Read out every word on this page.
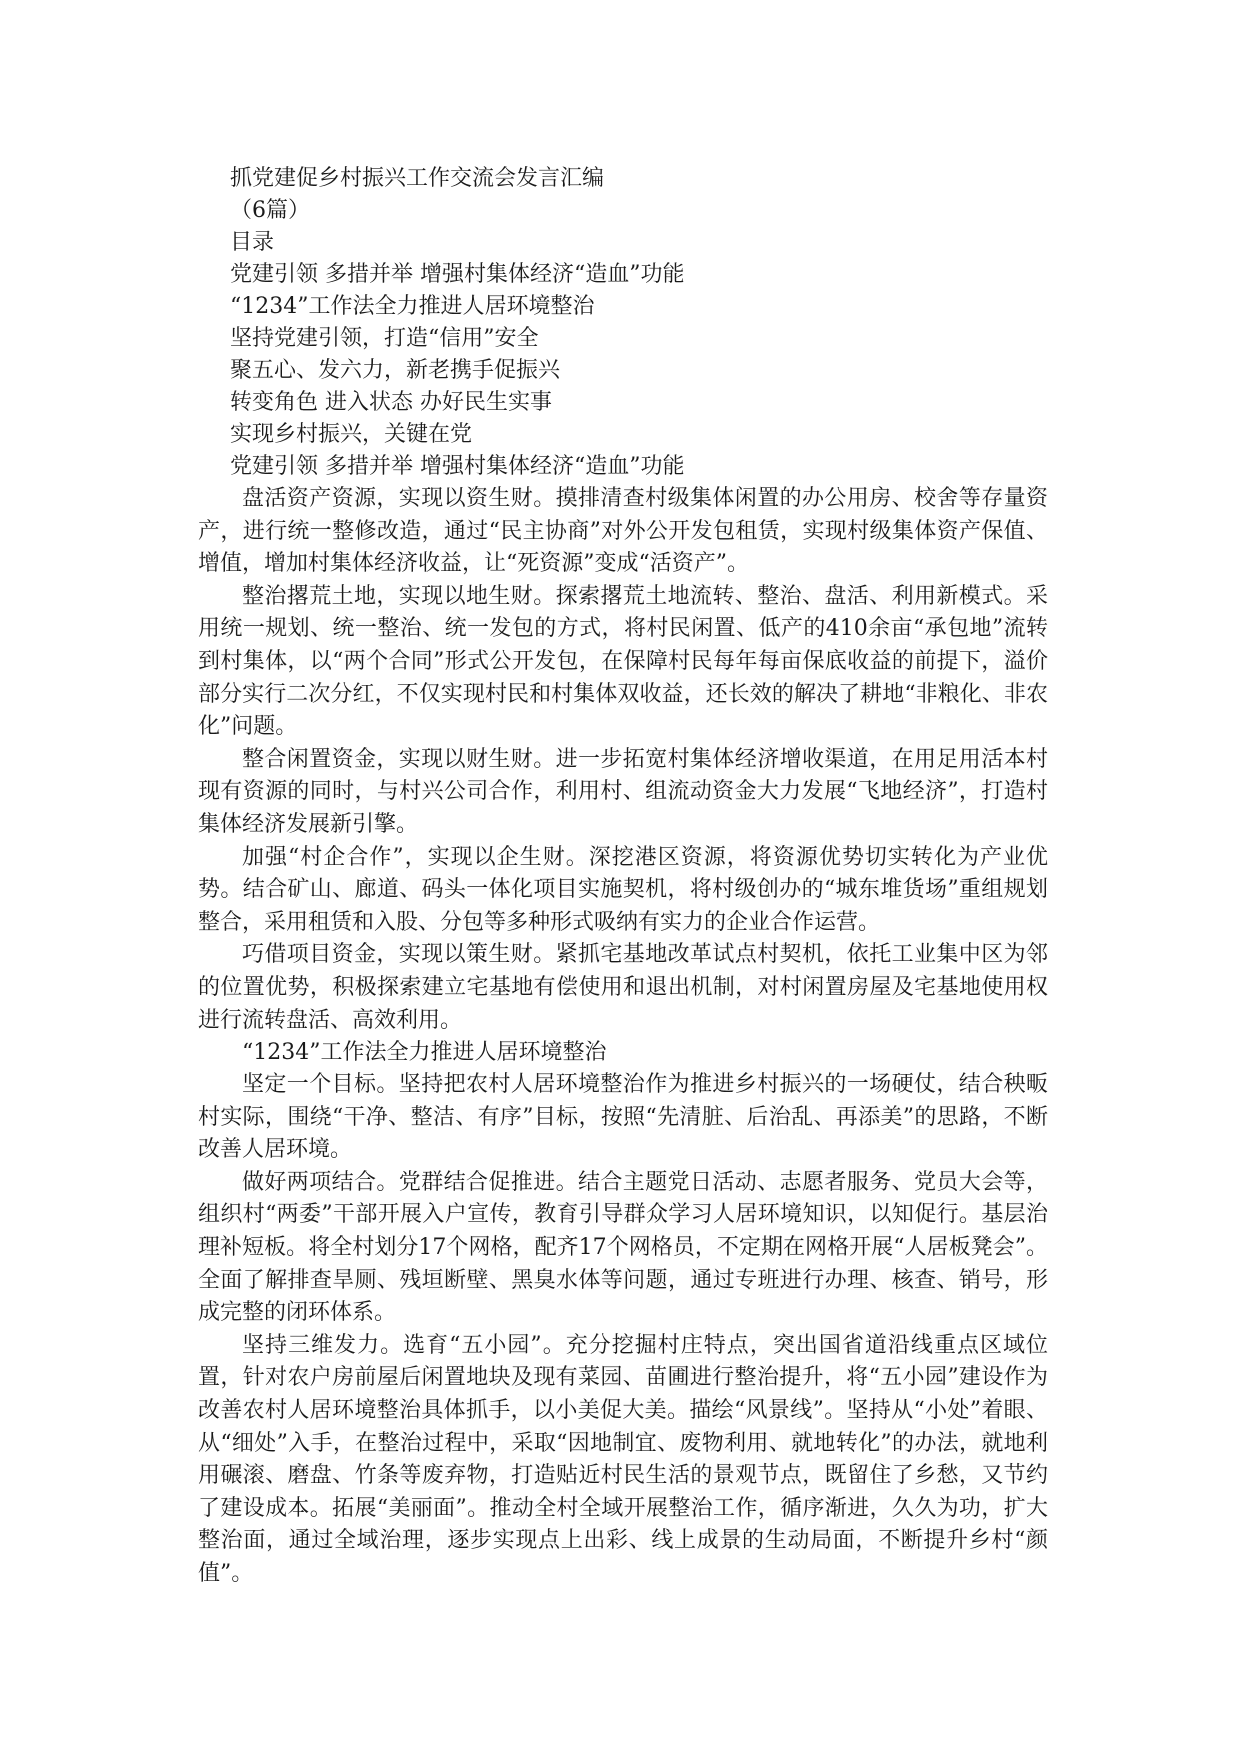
抓党建促乡村振兴工作交流会发言汇编
（6篇）
目录
党建引领 多措并举 增强村集体经济“造血”功能
“1234”工作法全力推进人居环境整治
坚持党建引领，打造“信用”安全
聚五心、发六力，新老携手促振兴
转变角色 进入状态 办好民生实事
实现乡村振兴，关键在党
党建引领 多措并举 增强村集体经济“造血”功能

盘活资产资源，实现以资生财。摸排清查村级集体闲置的办公用房、校舍等存量资产，进行统一整修改造，通过“民主协商”对外公开发包租赁，实现村级集体资产保值、增值，增加村集体经济收益，让“死资源”变成“活资产”。

整治撂荒土地，实现以地生财。探索撂荒土地流转、整治、盘活、利用新模式。采用统一规划、统一整治、统一发包的方式，将村民闲置、低产的410余亩“承包地”流转到村集体，以“两个合同”形式公开发包，在保障村民每年每亩保底收益的前提下，溢价部分实行二次分红，不仅实现村民和村集体双收益，还长效的解决了耕地“非粮化、非农化”问题。

整合闲置资金，实现以财生财。进一步拓宽村集体经济增收渠道，在用足用活本村现有资源的同时，与村兴公司合作，利用村、组流动资金大力发展“飞地经济”，打造村集体经济发展新引擎。

加强“村企合作”，实现以企生财。深挖港区资源，将资源优势切实转化为产业优势。结合矿山、廊道、码头一体化项目实施契机，将村级创办的“城东堆货场”重组规划整合，采用租赁和入股、分包等多种形式吸纳有实力的企业合作运营。

巧借项目资金，实现以策生财。紧抓宅基地改革试点村契机，依托工业集中区为邻的位置优势，积极探索建立宅基地有偿使用和退出机制，对村闲置房屋及宅基地使用权进行流转盘活、高效利用。

“1234”工作法全力推进人居环境整治

坚定一个目标。坚持把农村人居环境整治作为推进乡村振兴的一场硬仗，结合秧畈村实际，围绕“干净、整洁、有序”目标，按照“先清脏、后治乱、再添美”的思路，不断改善人居环境。

做好两项结合。党群结合促推进。结合主题党日活动、志愿者服务、党员大会等，组织村“两委”干部开展入户宣传，教育引导群众学习人居环境知识，以知促行。基层治理补短板。将全村划分17个网格，配齐17个网格员，不定期在网格开展“人居板凳会”。全面了解排查旱厕、残垣断壁、黑臭水体等问题，通过专班进行办理、核查、销号，形成完整的闭环体系。

坚持三维发力。选育“五小园”。充分挖掘村庄特点，突出国省道沿线重点区域位置，针对农户房前屋后闲置地块及现有菜园、苗圃进行整治提升，将“五小园”建设作为改善农村人居环境整治具体抓手，以小美促大美。描绘“风景线”。坚持从“小处”着眼、从“细处”入手，在整治过程中，采取“因地制宜、废物利用、就地转化”的办法，就地利用碾滚、磨盘、竹条等废弃物，打造贴近村民生活的景观节点，既留住了乡愁，又节约了建设成本。拓展“美丽面”。推动全村全域开展整治工作，循序渐进，久久为功，扩大整治面，通过全域治理，逐步实现点上出彩、线上成景的生动局面，不断提升乡村“颜值”。
